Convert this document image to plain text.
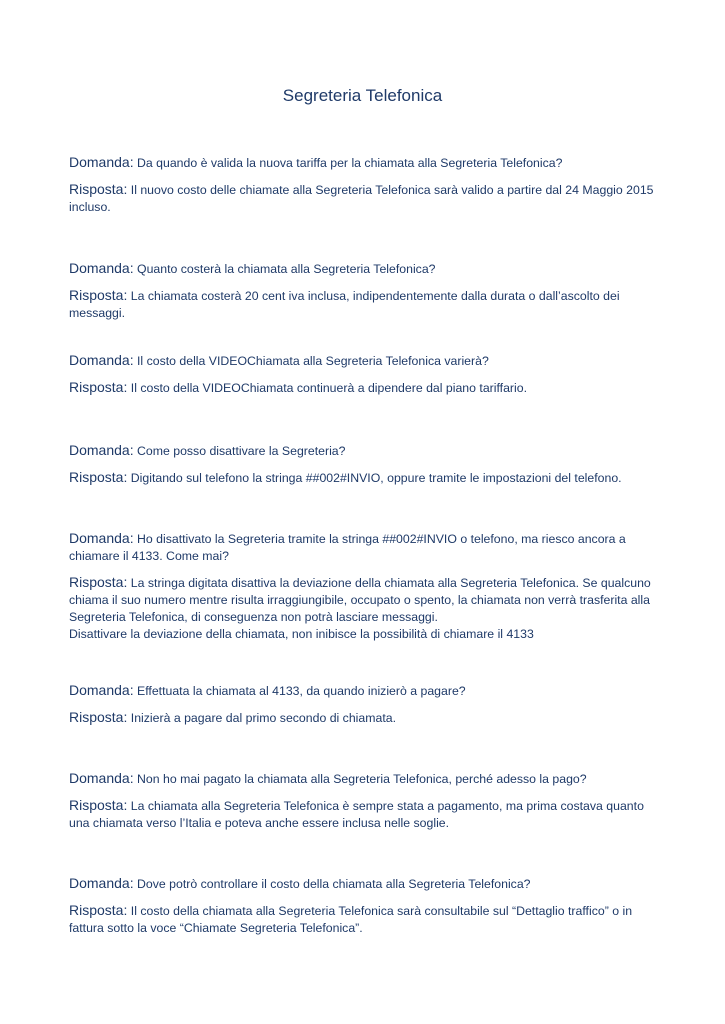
Segreteria Telefonica
Domanda: Da quando è valida la nuova tariffa per la chiamata alla Segreteria Telefonica?
Risposta: Il nuovo costo delle chiamate alla Segreteria Telefonica sarà valido a partire dal 24 Maggio 2015 incluso.
Domanda: Quanto costerà la chiamata alla Segreteria Telefonica?
Risposta: La chiamata costerà 20 cent iva inclusa, indipendentemente dalla durata o dall’ascolto dei messaggi.
Domanda: Il costo della VIDEOChiamata alla Segreteria Telefonica varierà?
Risposta: Il costo della VIDEOChiamata continuerà a dipendere dal piano tariffario.
Domanda: Come posso disattivare la Segreteria?
Risposta: Digitando sul telefono la stringa ##002#INVIO, oppure tramite le impostazioni del telefono.
Domanda: Ho disattivato la Segreteria tramite la stringa ##002#INVIO o telefono, ma riesco ancora a chiamare il 4133. Come mai?
Risposta: La stringa digitata disattiva la deviazione della chiamata alla Segreteria Telefonica. Se qualcuno chiama il suo numero mentre risulta irraggiungibile, occupato o spento, la chiamata non verrà trasferita alla Segreteria Telefonica, di conseguenza non potrà lasciare messaggi.
Disattivare la deviazione della chiamata, non inibisce la possibilità di chiamare il 4133
Domanda: Effettuata la chiamata al 4133, da quando inizierò a pagare?
Risposta: Inizierà a pagare dal primo secondo di chiamata.
Domanda: Non ho mai pagato la chiamata alla Segreteria Telefonica, perché adesso la pago?
Risposta: La chiamata alla Segreteria Telefonica è sempre stata a pagamento, ma prima costava quanto una chiamata verso l’Italia e poteva anche essere inclusa nelle soglie.
Domanda: Dove potrò controllare il costo della chiamata alla Segreteria Telefonica?
Risposta: Il costo della chiamata alla Segreteria Telefonica sarà consultabile sul “Dettaglio traffico” o in fattura sotto la voce “Chiamate Segreteria Telefonica”.
